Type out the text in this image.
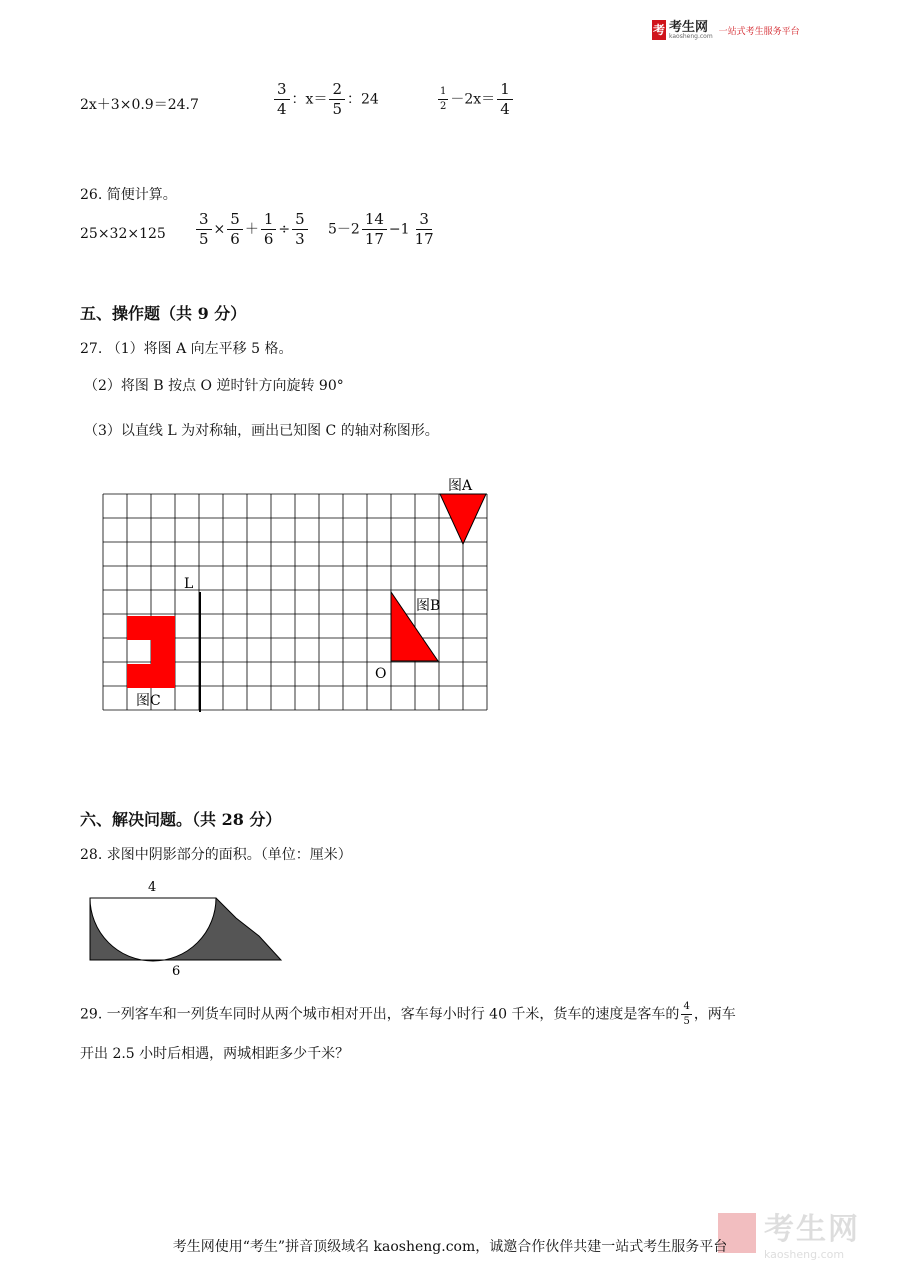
考 考生网
kaosheng.com 一站式考生服务平台
2x＋3×0.9＝24.7	$\frac{3}{4}$ ：$x= \frac{2}{5}$ ：24	$\frac{1}{2} -2x= \frac{1}{4}$
26. 简便计算。
$25\times 32\times 125 \frac{3}{5} \times \frac{5}{6} + \frac{1}{6} \div \frac{5}{3} 5-2 \frac{14}{17} -1 \frac{3}{17}$
五、操作题（共 9 分）
27. （1）将图 A 向左平移 5 格。
（2）将图 B 按点 O 逆时针方向旋转 90°
（3）以直线 L 为对称轴，画出已知图 C 的轴对称图形。
图A
图B
图C
L
O
六、解决问题。（共 28 分）
28. 求图中阴影部分的面积。（单位：厘米）
4
6
29. 一列客车和一列货车同时从两个城市相对开出，客车每小时行 40 千米，货车的速度是客车的 $\frac{4}{5}$ ，两车
开出 2.5 小时后相遇，两城相距多少千米？
考生网
kaosheng.com
考生网使用“考生”拼音顶级域名 kaosheng.com，诚邀合作伙伴共建一站式考生服务平台
